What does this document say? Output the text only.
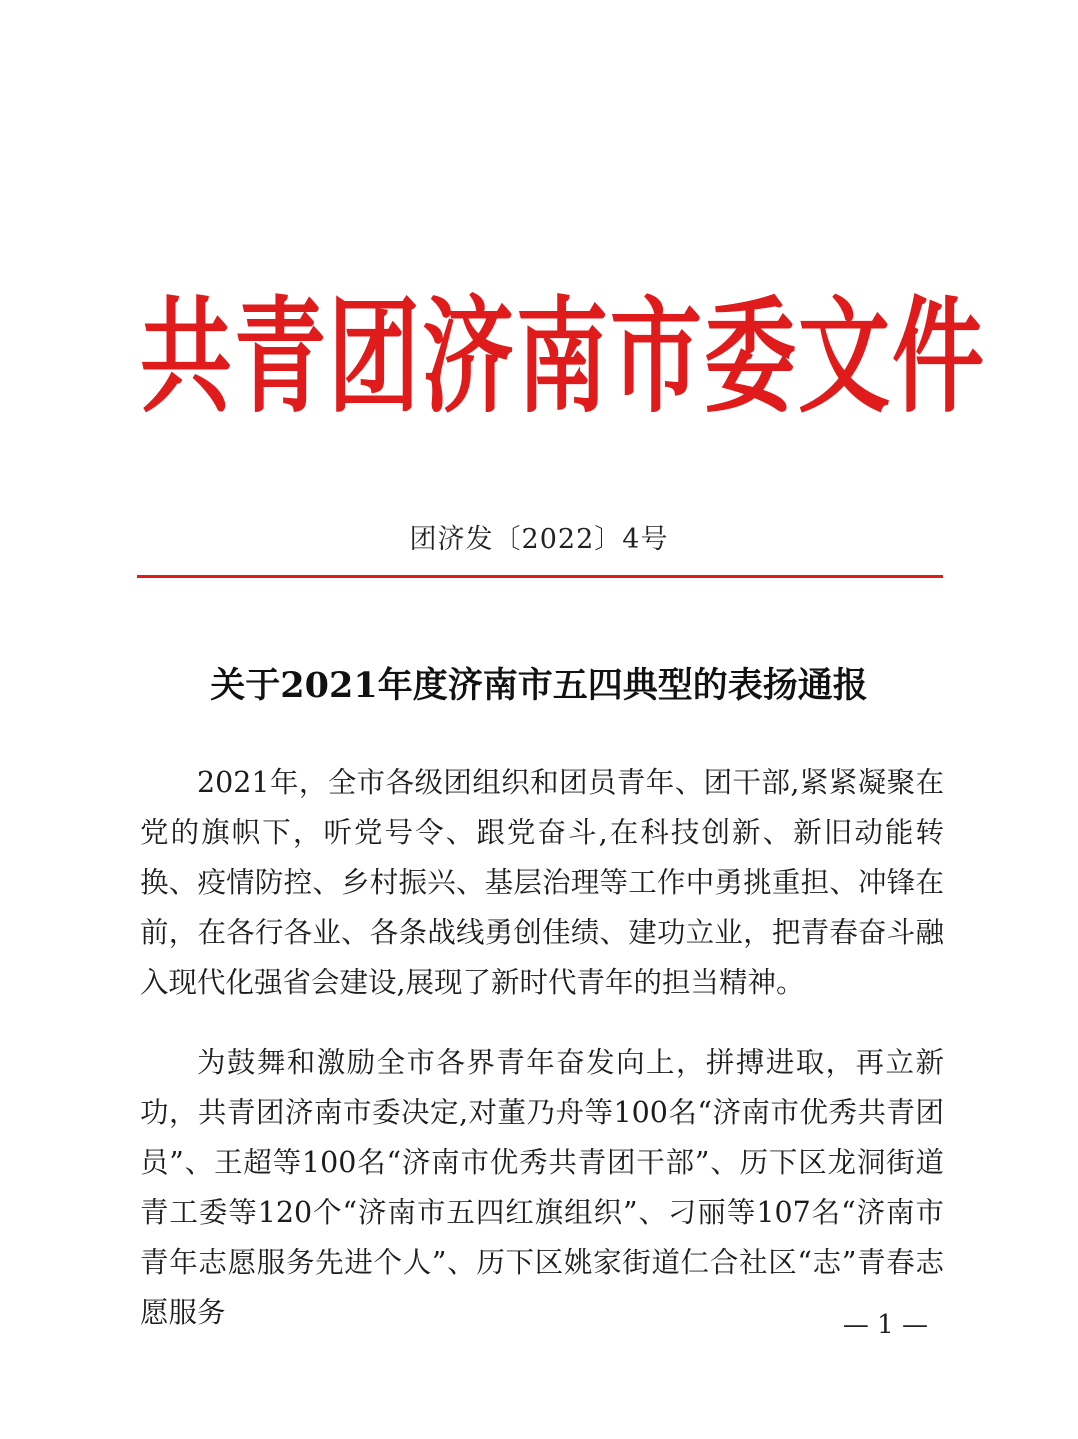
共青团济南市委文件
团济发〔2022〕4号
关于2021年度济南市五四典型的表扬通报

2021年，全市各级团组织和团员青年、团干部,紧紧凝聚在党的旗帜下，听党号令、跟党奋斗,在科技创新、新旧动能转换、疫情防控、乡村振兴、基层治理等工作中勇挑重担、冲锋在前，在各行各业、各条战线勇创佳绩、建功立业，把青春奋斗融入现代化强省会建设,展现了新时代青年的担当精神。

为鼓舞和激励全市各界青年奋发向上，拼搏进取，再立新功，共青团济南市委决定,对董乃舟等100名“济南市优秀共青团员”、王超等100名“济南市优秀共青团干部”、历下区龙洞街道青工委等120个“济南市五四红旗组织”、刁丽等107名“济南市青年志愿服务先进个人”、历下区姚家街道仁合社区“志”青春志愿服务	— 1 —
